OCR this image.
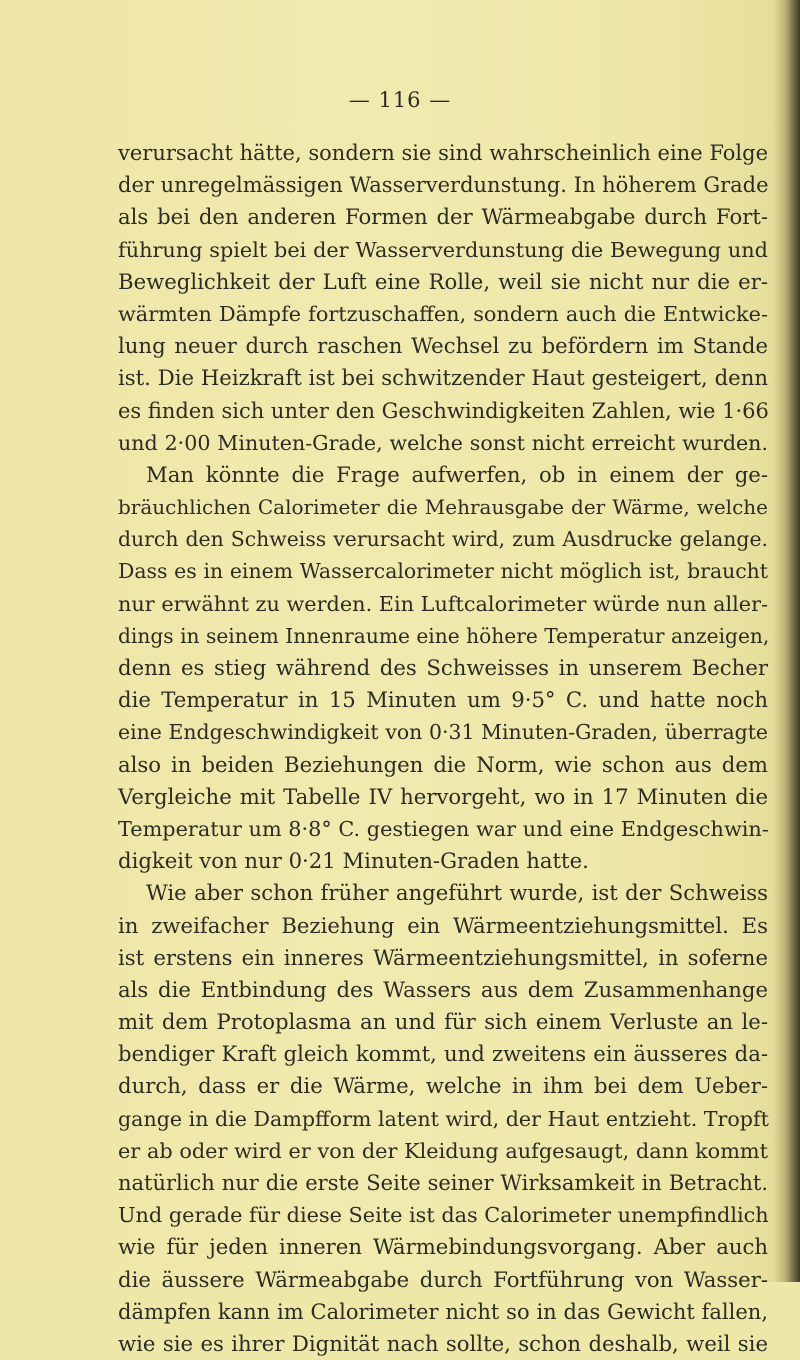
— 116 —
verursacht hätte, sondern sie sind wahrscheinlich eine Folge
der unregelmässigen Wasserverdunstung. In höherem Grade
als bei den anderen Formen der Wärmeabgabe durch Fort-
führung spielt bei der Wasserverdunstung die Bewegung und
Beweglichkeit der Luft eine Rolle, weil sie nicht nur die er-
wärmten Dämpfe fortzuschaffen, sondern auch die Entwicke-
lung neuer durch raschen Wechsel zu befördern im Stande
ist. Die Heizkraft ist bei schwitzender Haut gesteigert, denn
es finden sich unter den Geschwindigkeiten Zahlen, wie 1·66
und 2·00 Minuten-Grade, welche sonst nicht erreicht wurden.
Man könnte die Frage aufwerfen, ob in einem der ge-
bräuchlichen Calorimeter die Mehrausgabe der Wärme, welche
durch den Schweiss verursacht wird, zum Ausdrucke gelange.
Dass es in einem Wassercalorimeter nicht möglich ist, braucht
nur erwähnt zu werden. Ein Luftcalorimeter würde nun aller-
dings in seinem Innenraume eine höhere Temperatur anzeigen,
denn es stieg während des Schweisses in unserem Becher
die Temperatur in 15 Minuten um 9·5° C. und hatte noch
eine Endgeschwindigkeit von 0·31 Minuten-Graden, überragte
also in beiden Beziehungen die Norm, wie schon aus dem
Vergleiche mit Tabelle IV hervorgeht, wo in 17 Minuten die
Temperatur um 8·8° C. gestiegen war und eine Endgeschwin-
digkeit von nur 0·21 Minuten-Graden hatte.
Wie aber schon früher angeführt wurde, ist der Schweiss
in zweifacher Beziehung ein Wärmeentziehungsmittel. Es
ist erstens ein inneres Wärmeentziehungsmittel, in soferne
als die Entbindung des Wassers aus dem Zusammenhange
mit dem Protoplasma an und für sich einem Verluste an le-
bendiger Kraft gleich kommt, und zweitens ein äusseres da-
durch, dass er die Wärme, welche in ihm bei dem Ueber-
gange in die Dampfform latent wird, der Haut entzieht. Tropft
er ab oder wird er von der Kleidung aufgesaugt, dann kommt
natürlich nur die erste Seite seiner Wirksamkeit in Betracht.
Und gerade für diese Seite ist das Calorimeter unempfindlich
wie für jeden inneren Wärmebindungsvorgang. Aber auch
die äussere Wärmeabgabe durch Fortführung von Wasser-
dämpfen kann im Calorimeter nicht so in das Gewicht fallen,
wie sie es ihrer Dignität nach sollte, schon deshalb, weil sie
